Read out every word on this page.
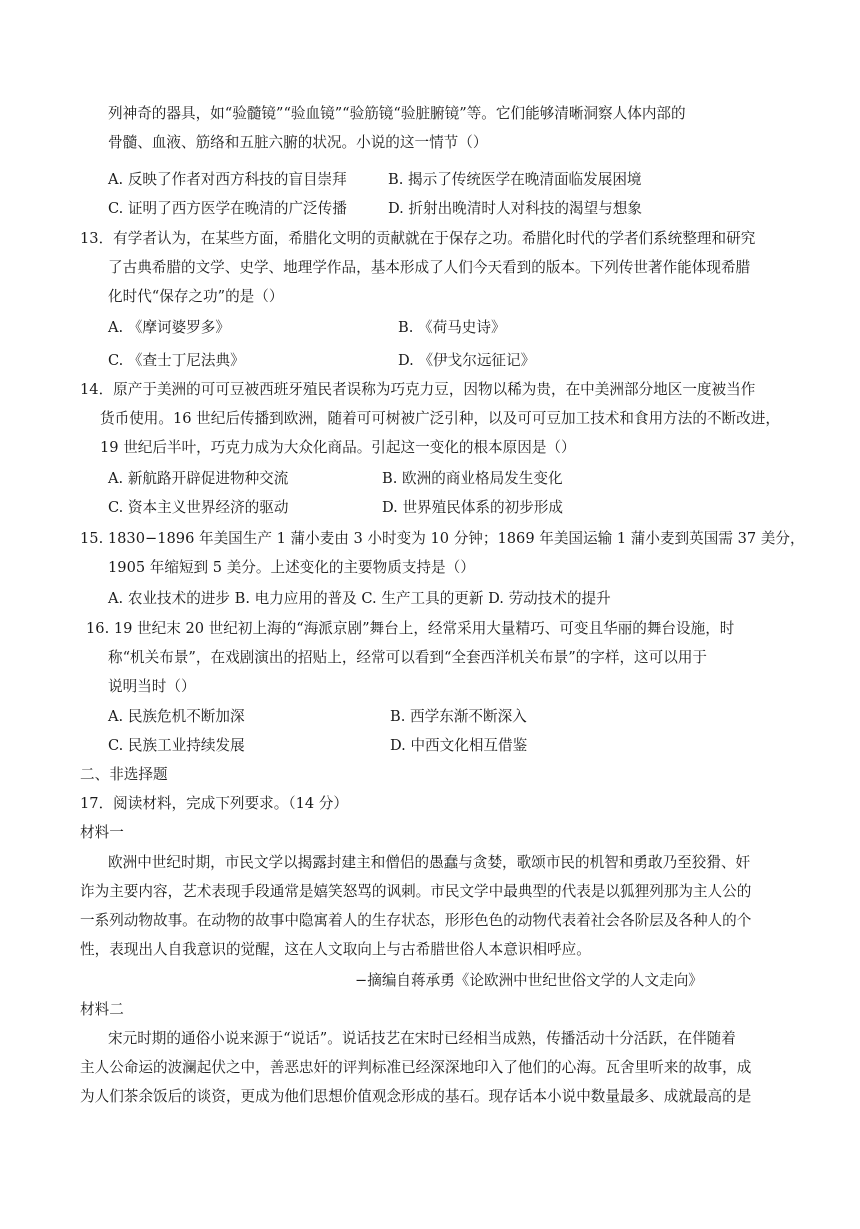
列神奇的器具，如“验髓镜”“验血镜”“验筋镜“验脏腑镜”等。它们能够清晰洞察人体内部的
骨髓、血液、筋络和五脏六腑的状况。小说的这一情节（）
A. 反映了作者对西方科技的盲目崇拜	B. 揭示了传统医学在晚清面临发展困境
C. 证明了西方医学在晚清的广泛传播	D. 折射出晚清时人对科技的渴望与想象
13．有学者认为，在某些方面，希腊化文明的贡献就在于保存之功。希腊化时代的学者们系统整理和研究
了古典希腊的文学、史学、地理学作品，基本形成了人们今天看到的版本。下列传世著作能体现希腊
化时代“保存之功”的是（）
A. 《摩诃婆罗多》	B. 《荷马史诗》
C. 《查士丁尼法典》	D. 《伊戈尔远征记》
14．原产于美洲的可可豆被西班牙殖民者误称为巧克力豆，因物以稀为贵，在中美洲部分地区一度被当作
货币使用。16 世纪后传播到欧洲，随着可可树被广泛引种，以及可可豆加工技术和食用方法的不断改进，
19 世纪后半叶，巧克力成为大众化商品。引起这一变化的根本原因是（）
A. 新航路开辟促进物种交流	B. 欧洲的商业格局发生变化
C. 资本主义世界经济的驱动	D. 世界殖民体系的初步形成
15. 1830−1896 年美国生产 1 蒲小麦由 3 小时变为 10 分钟；1869 年美国运输 1 蒲小麦到英国需 37 美分，
1905 年缩短到 5 美分。上述变化的主要物质支持是（）
A. 农业技术的进步 B. 电力应用的普及 C. 生产工具的更新 D. 劳动技术的提升
16. 19 世纪末 20 世纪初上海的“海派京剧”舞台上，经常采用大量精巧、可变且华丽的舞台设施，时
称“机关布景”，在戏剧演出的招贴上，经常可以看到“全套西洋机关布景”的字样，这可以用于
说明当时（）
A. 民族危机不断加深	B. 西学东渐不断深入
C. 民族工业持续发展	D. 中西文化相互借鉴
二、非选择题
17．阅读材料，完成下列要求。（14 分）
材料一
欧洲中世纪时期，市民文学以揭露封建主和僧侣的愚蠢与贪婪，歌颂市民的机智和勇敢乃至狡猾、奸
诈为主要内容，艺术表现手段通常是嬉笑怒骂的讽刺。市民文学中最典型的代表是以狐狸列那为主人公的
一系列动物故事。在动物的故事中隐寓着人的生存状态，形形色色的动物代表着社会各阶层及各种人的个
性，表现出人自我意识的觉醒，这在人文取向上与古希腊世俗人本意识相呼应。
−摘编自蒋承勇《论欧洲中世纪世俗文学的人文走向》
材料二
宋元时期的通俗小说来源于“说话”。说话技艺在宋时已经相当成熟，传播活动十分活跃，在伴随着
主人公命运的波澜起伏之中，善恶忠奸的评判标准已经深深地印入了他们的心海。瓦舍里听来的故事，成
为人们茶余饭后的谈资，更成为他们思想价值观念形成的基石。现存话本小说中数量最多、成就最高的是
